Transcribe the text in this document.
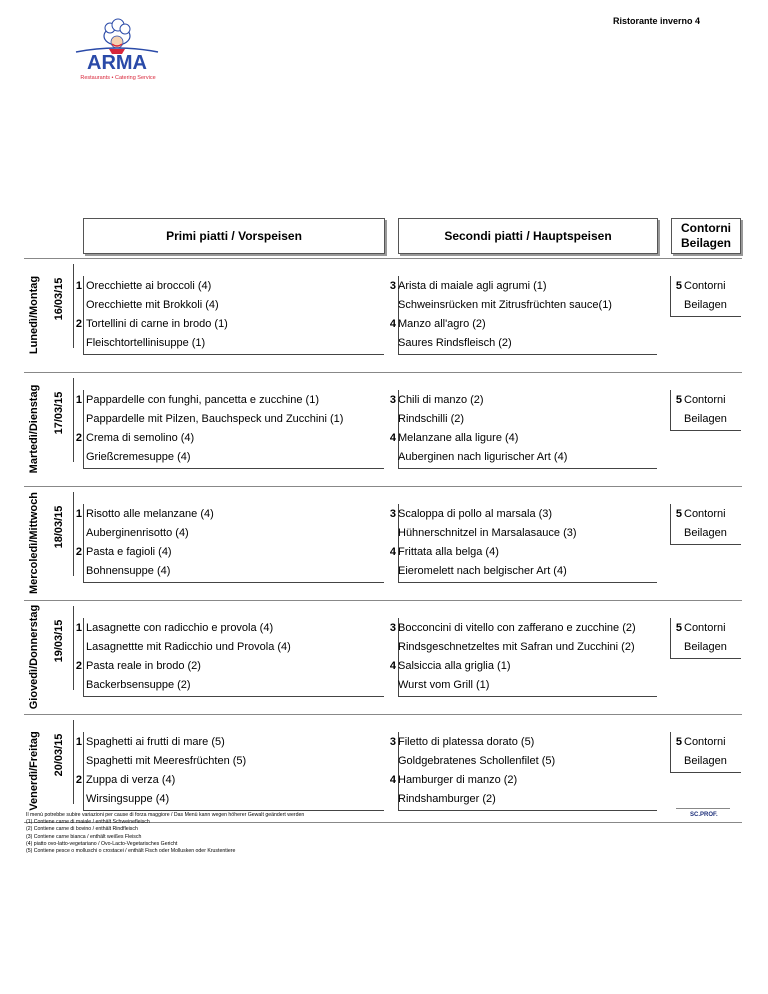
Ristorante inverno 4
ARMA
Restaurants • Catering Service
Primi piatti / Vorspeisen	Secondi piatti / Hauptspeisen
Contorni
Beilagen
Lunedì/Montag 16/03/15 1 Orecchiette ai broccoli (4)
Orecchiette mit Brokkoli (4)
2 Tortellini di carne in brodo (1)
Fleischtortellinisuppe (1)
3 Arista di maiale agli agrumi (1)
Schweinsrücken mit Zitrusfrüchten sauce(1)
4 Manzo all'agro (2)
Saures Rindsfleisch (2)
5 Contorni
Beilagen
Martedì/Dienstag 17/03/15 1 Pappardelle con funghi, pancetta e zucchine (1)
Pappardelle mit Pilzen, Bauchspeck und Zucchini (1)
2 Crema di semolino (4)
Grießcremesuppe (4)
3 Chili di manzo (2)
Rindschilli (2)
4 Melanzane alla ligure (4)
Auberginen nach ligurischer Art (4)
5 Contorni
Beilagen
Mercoledì/Mittwoch 18/03/15 1 Risotto alle melanzane (4)
Auberginenrisotto (4)
2 Pasta e fagioli (4)
Bohnensuppe (4)
3 Scaloppa di pollo al marsala (3)
Hühnerschnitzel in Marsalasauce (3)
4 Frittata alla belga (4)
Eieromelett nach belgischer Art (4)
5 Contorni
Beilagen
Giovedì/Donnerstag 19/03/15 1 Lasagnette con radicchio e provola (4)
Lasagnettte mit Radicchio und Provola (4)
2 Pasta reale in brodo (2)
Backerbsensuppe (2)
3 Bocconcini di vitello con zafferano e zucchine (2)
Rindsgeschnetzeltes mit Safran und Zucchini (2)
4 Salsiccia alla griglia (1)
Wurst vom Grill (1)
5 Contorni
Beilagen
Venerdì/Freitag 20/03/15 1 Spaghetti ai frutti di mare (5)
Spaghetti mit Meeresfrüchten (5)
2 Zuppa di verza (4)
Wirsingsuppe (4)
3 Filetto di platessa dorato (5)
Goldgebratenes Schollenfilet (5)
4 Hamburger di manzo (2)
Rindshamburger (2)
5 Contorni
Beilagen
Il menù potrebbe subire variazioni per cause di forza maggiore / Das Menü kann wegen höherer Gewalt geändert werden
(1) Contiene carne di maiale / enthält Schweinefleisch
(2) Contiene carne di bovino / enthält Rindfleisch
(3) Contiene carne bianca / enthält weißes Fleisch
(4) piatto ovo-latto-vegetariano / Ovo-Lacto-Vegetarisches Gericht
(5) Contiene pesce o molluschi o crostacei / enthält Fisch oder Mollusken oder Krustentiere
SC.PROF.
